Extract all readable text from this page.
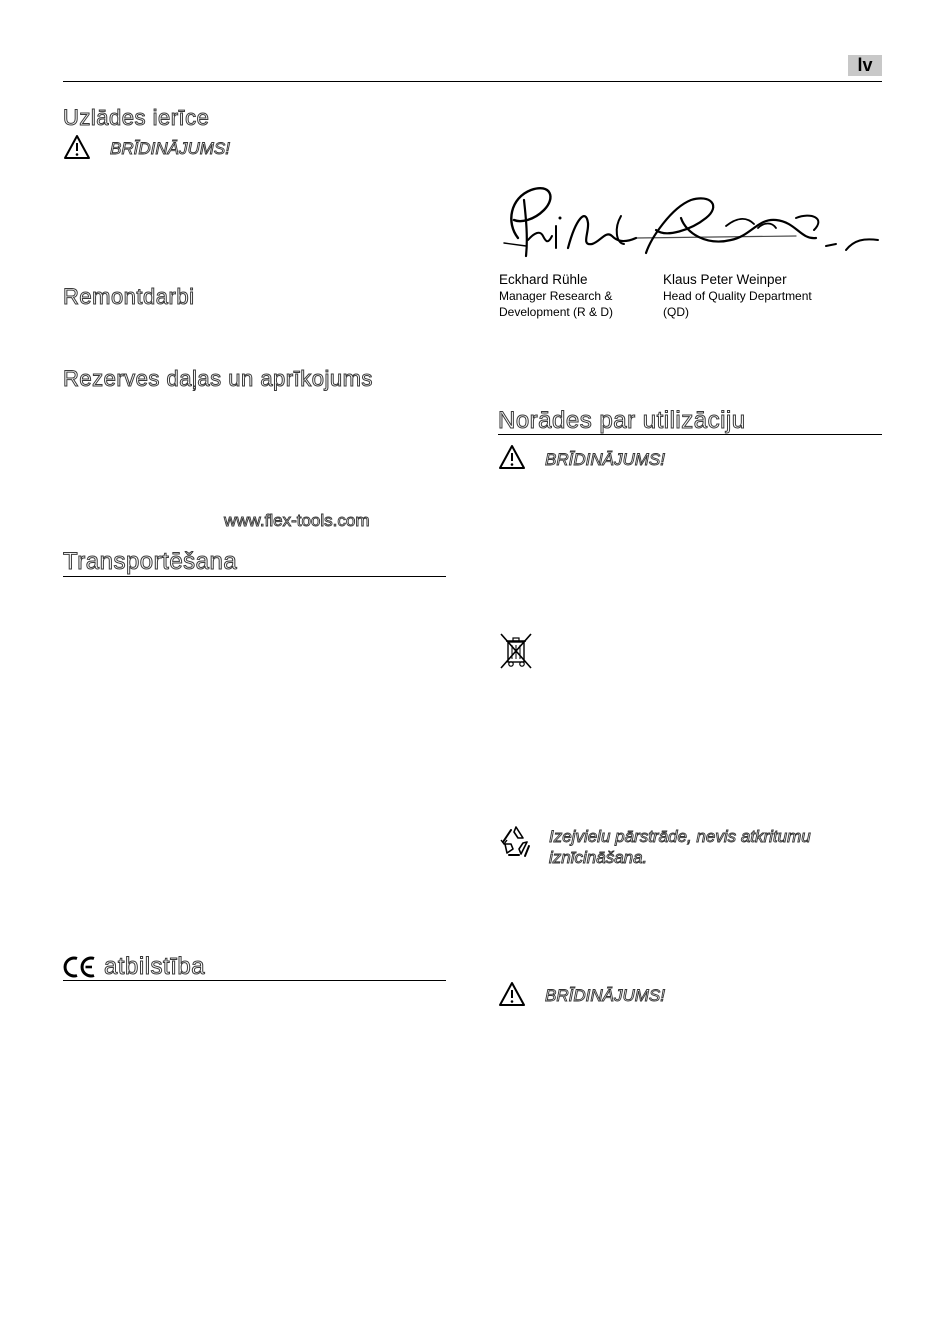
lv
Uzlādes ierīce
BRĪDINĀJUMS!
Remontdarbi
Rezerves daļas un aprīkojums
www.flex-tools.com
Transportēšana
atbilstība
Eckhard Rühle
Manager Research & Development (R & D)
Klaus Peter Weinper
Head of Quality Department (QD)
Norādes par utilizāciju
BRĪDINĀJUMS!
Izejvielu pārstrāde, nevis atkritumu iznīcināšana.
BRĪDINĀJUMS!
